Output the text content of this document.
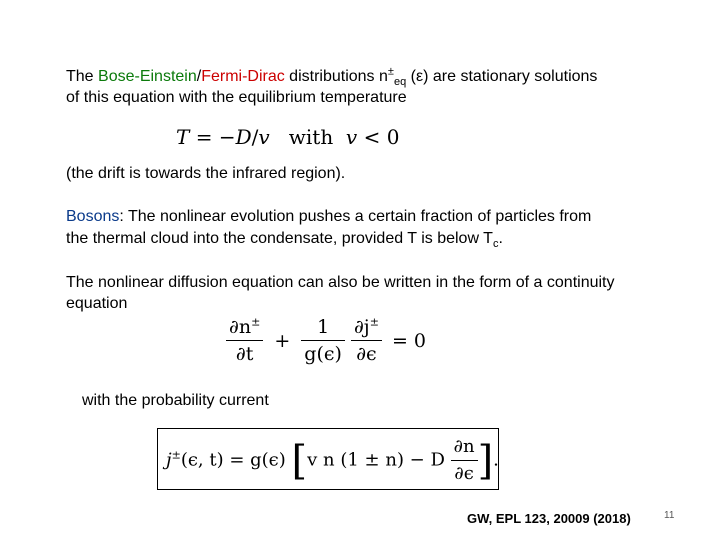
The Bose-Einstein/Fermi-Dirac distributions $n^\pm_{eq}$ (ε) are stationary solutions
of this equation with the equilibrium temperature
T = −D/v with v < 0
(the drift is towards the infrared region).
Bosons: The nonlinear evolution pushes a certain fraction of particles from
the thermal cloud into the condensate, provided T is below $T_c$.
The nonlinear diffusion equation can also be written in the form of a continuity
equation
$\frac{\partial n^\pm}{\partial t} + \frac{1}{g(\epsilon)}$
$\frac{\partial j^\pm}{\partial\epsilon} = 0$
with the probability current
j±(ϵ, t) = g(ϵ) [v n (1 ± n) − D $\frac{\partial n}{\partial\epsilon}$ ].
GW, EPL 123, 20009 (2018)	11
